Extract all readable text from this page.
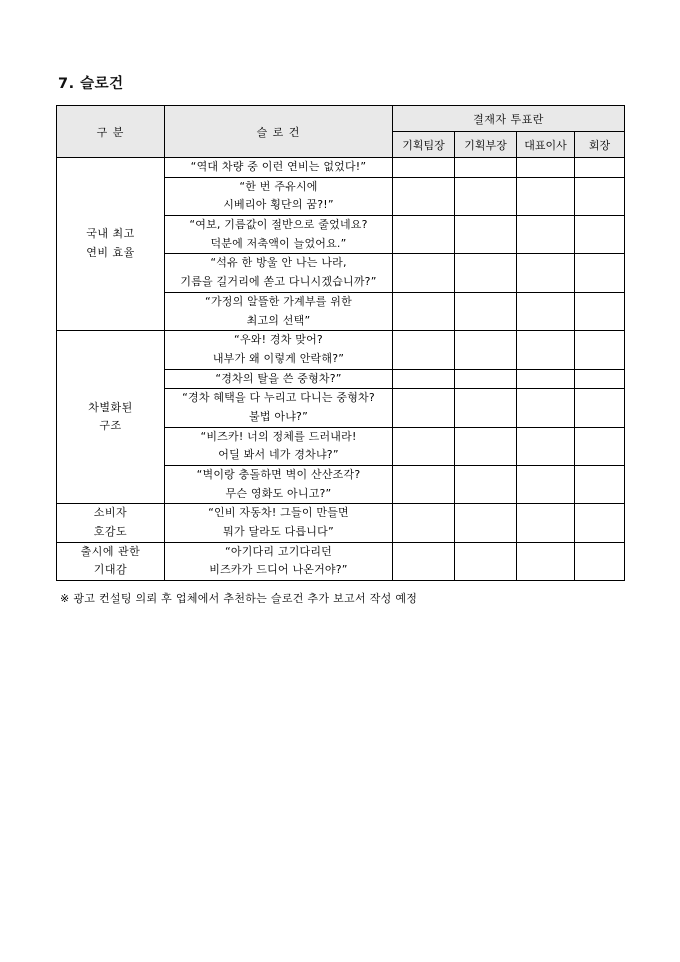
7. 슬로건
구 분	슬 로 건	결재자 투표란			
		기획팀장	기획부장	대표이사	회장

국내 최고
연비 효율	“역대 차량 중 이런 연비는 없었다!”				

	“한 번 주유시에
시베리아 횡단의 꿈?!”				

	“여보, 기름값이 절반으로 줄었네요?
덕분에 저축액이 늘었어요.”				

	“석유 한 방울 안 나는 나라,
기름을 길거리에 쏟고 다니시겠습니까?”				

	“가정의 알뜰한 가계부를 위한
최고의 선택”				

차별화된
구조	“우와! 경차 맞어?
내부가 왜 이렇게 안락해?”				

	“경차의 탈을 쓴 중형차?”				

	“경차 혜택을 다 누리고 다니는 중형차?
불법 아냐?”				

	“비즈카! 너의 정체를 드러내라!
어딜 봐서 네가 경차냐?”				

	“벽이랑 충돌하면 벽이 산산조각?
무슨 영화도 아니고?”				

소비자
호감도	“인비 자동차! 그들이 만들면
뭐가 달라도 다릅니다”				

출시에 관한
기대감	“아기다리 고기다리던
비즈카가 드디어 나온거야?”				

※ 광고 컨설팅 의뢰 후 업체에서 추천하는 슬로건 추가 보고서 작성 예정
